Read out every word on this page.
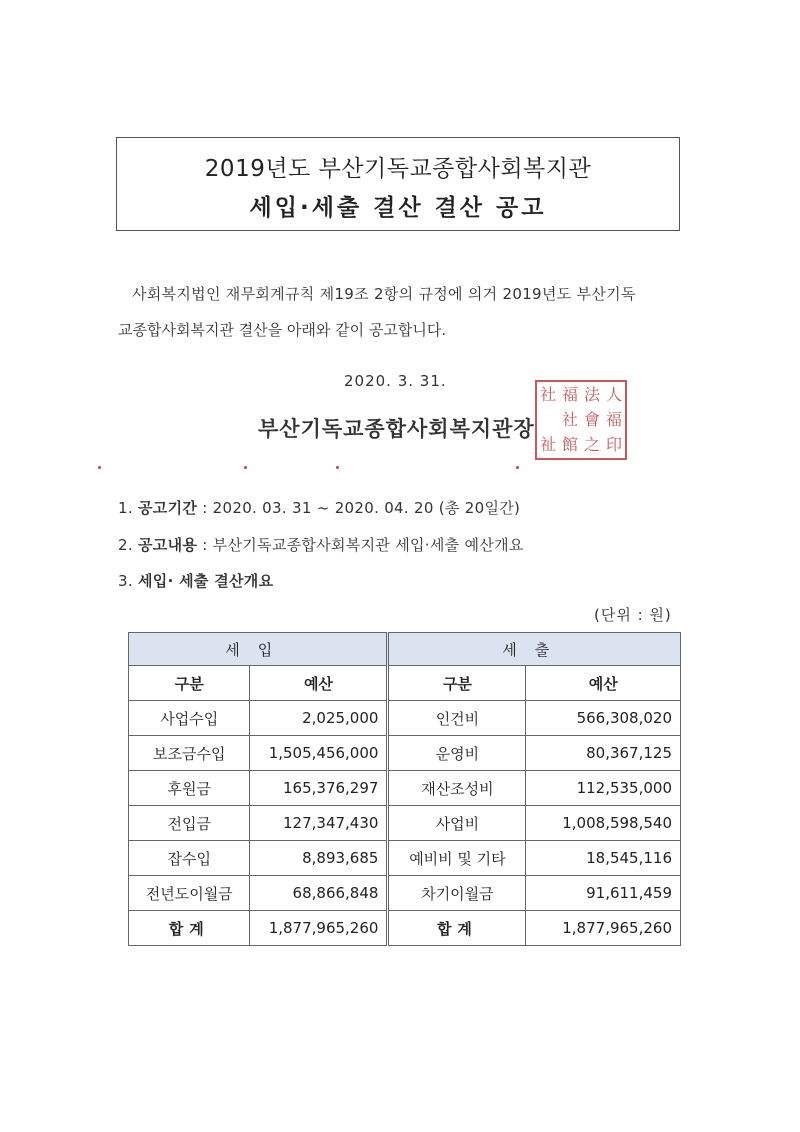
2019년도 부산기독교종합사회복지관
세입·세출 결산 결산 공고
사회복지법인 재무회계규칙 제19조 2항의 규정에 의거 2019년도 부산기독
교종합사회복지관 결산을 아래와 같이 공고합니다.
2020. 3. 31.
부산기독교종합사회복지관장
社 福 法 人
社 會 福
祉 館 之 印
1. 공고기간 : 2020. 03. 31 ~ 2020. 04. 20 (총 20일간)
2. 공고내용 : 부산기독교종합사회복지관 세입·세출 예산개요
3. 세입· 세출 결산개요
(단위 : 원)
세입		세출	
구분	예산	구분	예산
사업수입	2,025,000	인건비	566,308,020
보조금수입	1,505,456,000	운영비	80,367,125
후원금	165,376,297	재산조성비	112,535,000
전입금	127,347,430	사업비	1,008,598,540
잡수입	8,893,685	예비비 및 기타	18,545,116
전년도이월금	68,866,848	차기이월금	91,611,459
합계	1,877,965,260	합계	1,877,965,260
